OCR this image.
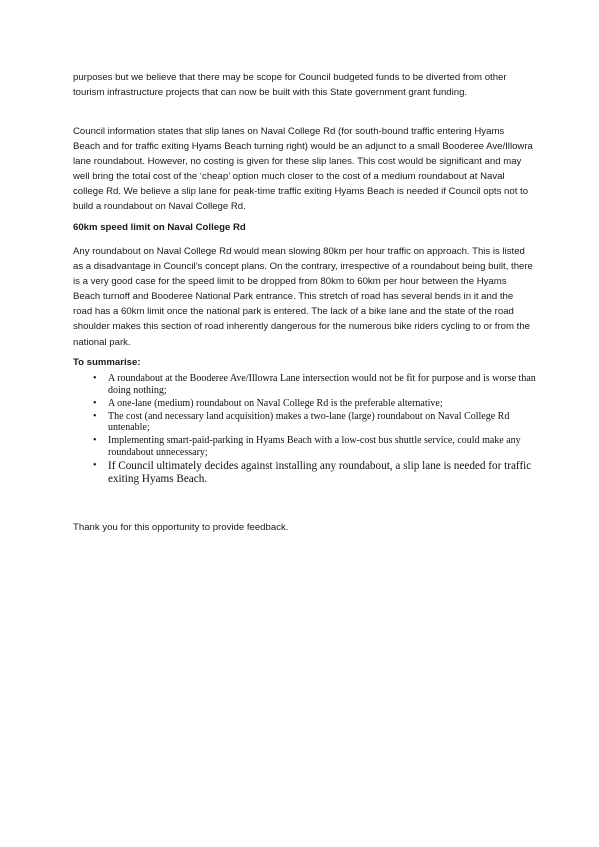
purposes but we believe that there may be scope for Council budgeted funds to be diverted from other tourism infrastructure projects that can now be built with this State government grant funding.

Council information states that slip lanes on Naval College Rd (for south-bound traffic entering Hyams Beach and for traffic exiting Hyams Beach turning right) would be an adjunct to a small Booderee Ave/Illowra lane roundabout. However, no costing is given for these slip lanes. This cost would be significant and may well bring the total cost of the ‘cheap’ option much closer to the cost of a medium roundabout at Naval college Rd. We believe a slip lane for peak-time traffic exiting Hyams Beach is needed if Council opts not to build a roundabout on Naval College Rd.

60km speed limit on Naval College Rd

Any roundabout on Naval College Rd would mean slowing 80km per hour traffic on approach. This is listed as a disadvantage in Council’s concept plans. On the contrary, irrespective of a roundabout being built, there is a very good case for the speed limit to be dropped from 80km to 60km per hour between the Hyams Beach turnoff and Booderee National Park entrance. This stretch of road has several bends in it and the road has a 60km limit once the national park is entered. The lack of a bike lane and the state of the road shoulder makes this section of road inherently dangerous for the numerous bike riders cycling to or from the national park.

To summarise:

• A roundabout at the Booderee Ave/Illowra Lane intersection would not be fit for purpose and is worse than doing nothing;
• A one-lane (medium) roundabout on Naval College Rd is the preferable alternative;
• The cost (and necessary land acquisition) makes a two-lane (large) roundabout on Naval College Rd untenable;
• Implementing smart-paid-parking in Hyams Beach with a low-cost bus shuttle service, could make any roundabout unnecessary;
• If Council ultimately decides against installing any roundabout, a slip lane is needed for traffic exiting Hyams Beach.

Thank you for this opportunity to provide feedback.
